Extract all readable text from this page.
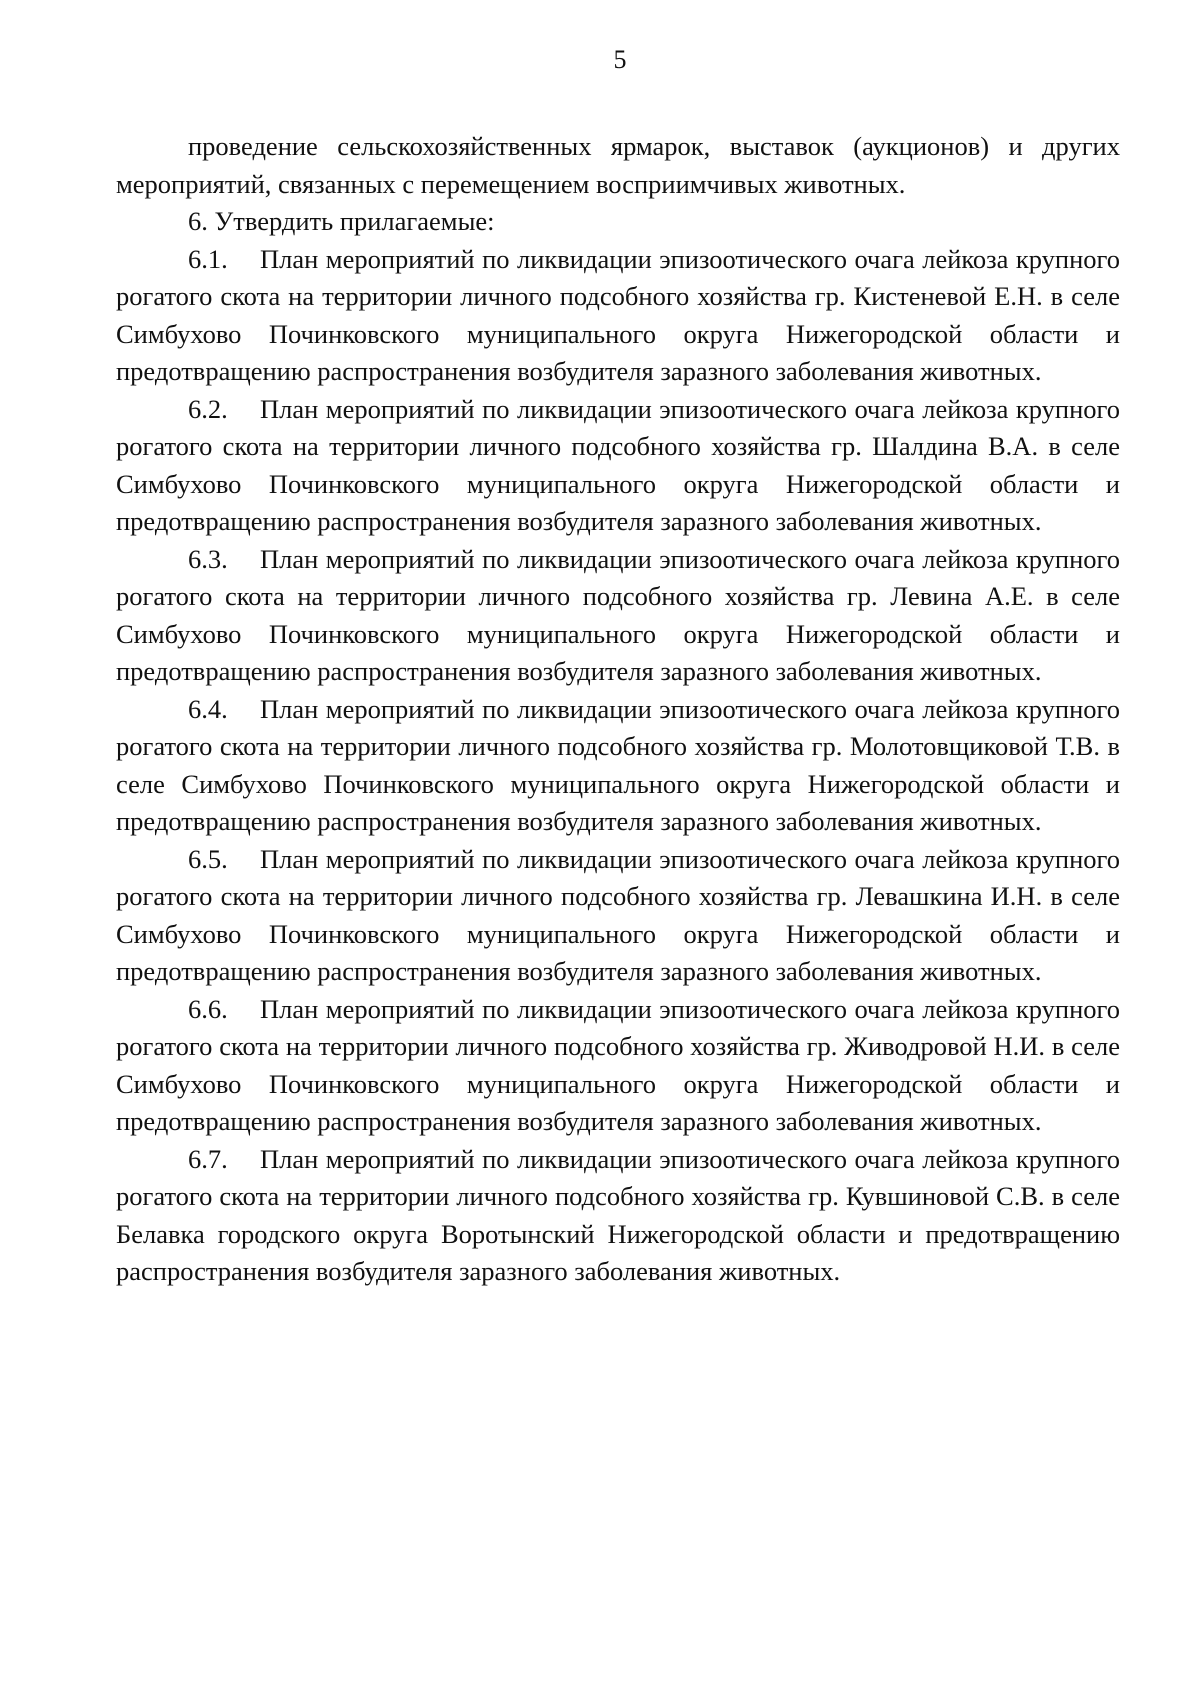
5

проведение сельскохозяйственных ярмарок, выставок (аукционов) и других мероприятий, связанных с перемещением восприимчивых животных.

6. Утвердить прилагаемые:

6.1. План мероприятий по ликвидации эпизоотического очага лейкоза крупного рогатого скота на территории личного подсобного хозяйства гр. Кистеневой Е.Н. в селе Симбухово Починковского муниципального округа Нижегородской области и предотвращению распространения возбудителя заразного заболевания животных.

6.2. План мероприятий по ликвидации эпизоотического очага лейкоза крупного рогатого скота на территории личного подсобного хозяйства гр. Шалдина В.А. в селе Симбухово Починковского муниципального округа Нижегородской области и предотвращению распространения возбудителя заразного заболевания животных.

6.3. План мероприятий по ликвидации эпизоотического очага лейкоза крупного рогатого скота на территории личного подсобного хозяйства гр. Левина А.Е. в селе Симбухово Починковского муниципального округа Нижегородской области и предотвращению распространения возбудителя заразного заболевания животных.

6.4. План мероприятий по ликвидации эпизоотического очага лейкоза крупного рогатого скота на территории личного подсобного хозяйства гр. Молотовщиковой Т.В. в селе Симбухово Починковского муниципального округа Нижегородской области и предотвращению распространения возбудителя заразного заболевания животных.

6.5. План мероприятий по ликвидации эпизоотического очага лейкоза крупного рогатого скота на территории личного подсобного хозяйства гр. Левашкина И.Н. в селе Симбухово Починковского муниципального округа Нижегородской области и предотвращению распространения возбудителя заразного заболевания животных.

6.6. План мероприятий по ликвидации эпизоотического очага лейкоза крупного рогатого скота на территории личного подсобного хозяйства гр. Живодровой Н.И. в селе Симбухово Починковского муниципального округа Нижегородской области и предотвращению распространения возбудителя заразного заболевания животных.

6.7. План мероприятий по ликвидации эпизоотического очага лейкоза крупного рогатого скота на территории личного подсобного хозяйства гр. Кувшиновой С.В. в селе Белавка городского округа Воротынский Нижегородской области и предотвращению распространения возбудителя заразного заболевания животных.
